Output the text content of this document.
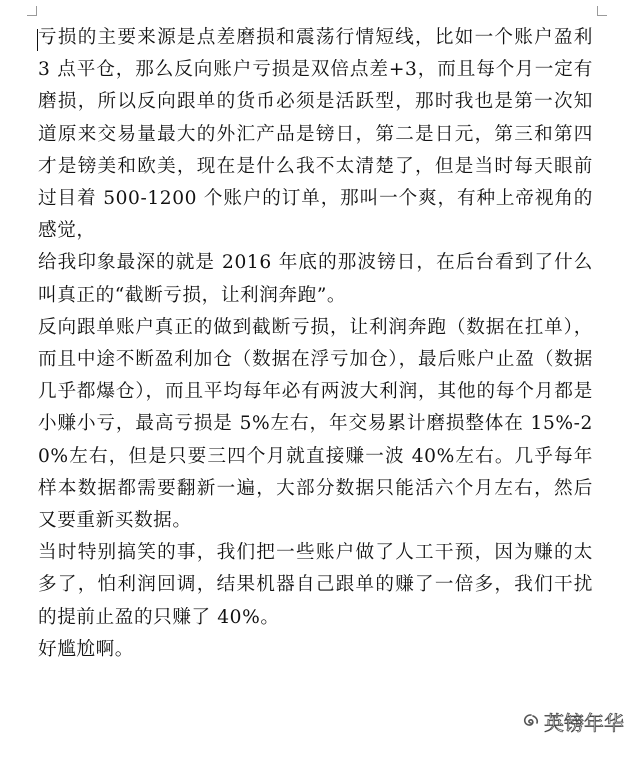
亏损的主要来源是点差磨损和震荡行情短线，比如一个账户盈利 3 点平仓，那么反向账户亏损是双倍点差+3，而且每个月一定有磨损，所以反向跟单的货币必须是活跃型，那时我也是第一次知道原来交易量最大的外汇产品是镑日，第二是日元，第三和第四才是镑美和欧美，现在是什么我不太清楚了，但是当时每天眼前过目着 500-1200 个账户的订单，那叫一个爽，有种上帝视角的感觉，

给我印象最深的就是 2016 年底的那波镑日，在后台看到了什么叫真正的“截断亏损，让利润奔跑”。

反向跟单账户真正的做到截断亏损，让利润奔跑（数据在扛单），而且中途不断盈利加仓（数据在浮亏加仓），最后账户止盈（数据几乎都爆仓），而且平均每年必有两波大利润，其他的每个月都是小赚小亏，最高亏损是 5%左右，年交易累计磨损整体在 15%-20%左右，但是只要三四个月就直接赚一波 40%左右。几乎每年样本数据都需要翻新一遍，大部分数据只能活六个月左右，然后又要重新买数据。

当时特别搞笑的事，我们把一些账户做了人工干预，因为赚的太多了，怕利润回调，结果机器自己跟单的赚了一倍多，我们干扰的提前止盈的只赚了 40%。

好尴尬啊。

英镑年华
